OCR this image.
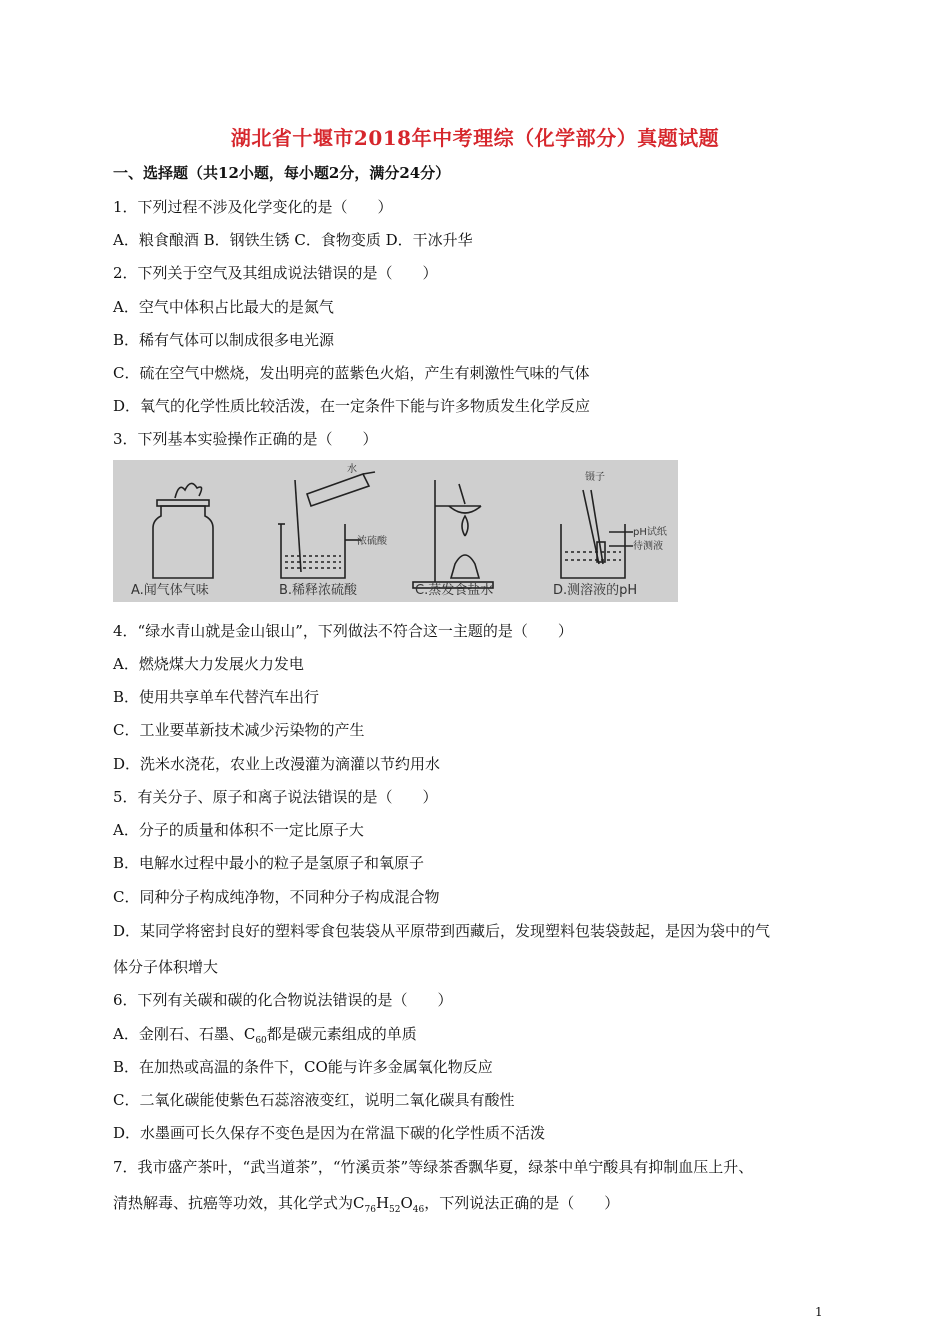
湖北省十堰市2018年中考理综（化学部分）真题试题
一、选择题（共12小题，每小题2分，满分24分）
1．下列过程不涉及化学变化的是（　　）
A．粮食酿酒 B．钢铁生锈 C．食物变质 D．干冰升华
2．下列关于空气及其组成说法错误的是（　　）
A．空气中体积占比最大的是氮气
B．稀有气体可以制成很多电光源
C．硫在空气中燃烧，发出明亮的蓝紫色火焰，产生有刺激性气味的气体
D．氧气的化学性质比较活泼，在一定条件下能与许多物质发生化学反应
3．下列基本实验操作正确的是（　　）
水
浓硫酸
镊子
pH试纸
待测液
A.闻气体气味	B.稀释浓硫酸	C.蒸发食盐水	D.测溶液的pH
4．“绿水青山就是金山银山”，下列做法不符合这一主题的是（　　）
A．燃烧煤大力发展火力发电
B．使用共享单车代替汽车出行
C．工业要革新技术减少污染物的产生
D．洗米水浇花，农业上改漫灌为滴灌以节约用水
5．有关分子、原子和离子说法错误的是（　　）
A．分子的质量和体积不一定比原子大
B．电解水过程中最小的粒子是氢原子和氧原子
C．同种分子构成纯净物，不同种分子构成混合物
D．某同学将密封良好的塑料零食包装袋从平原带到西藏后，发现塑料包装袋鼓起，是因为袋中的气
体分子体积增大
6．下列有关碳和碳的化合物说法错误的是（　　）
A．金刚石、石墨、$C_{60}$都是碳元素组成的单质
B．在加热或高温的条件下，CO能与许多金属氧化物反应
C．二氧化碳能使紫色石蕊溶液变红，说明二氧化碳具有酸性
D．水墨画可长久保存不变色是因为在常温下碳的化学性质不活泼
7．我市盛产茶叶，“武当道茶”，“竹溪贡茶”等绿茶香飘华夏，绿茶中单宁酸具有抑制血压上升、
清热解毒、抗癌等功效，其化学式为$C_{76}H_{52}O_{46}$，下列说法正确的是（　　）
1
